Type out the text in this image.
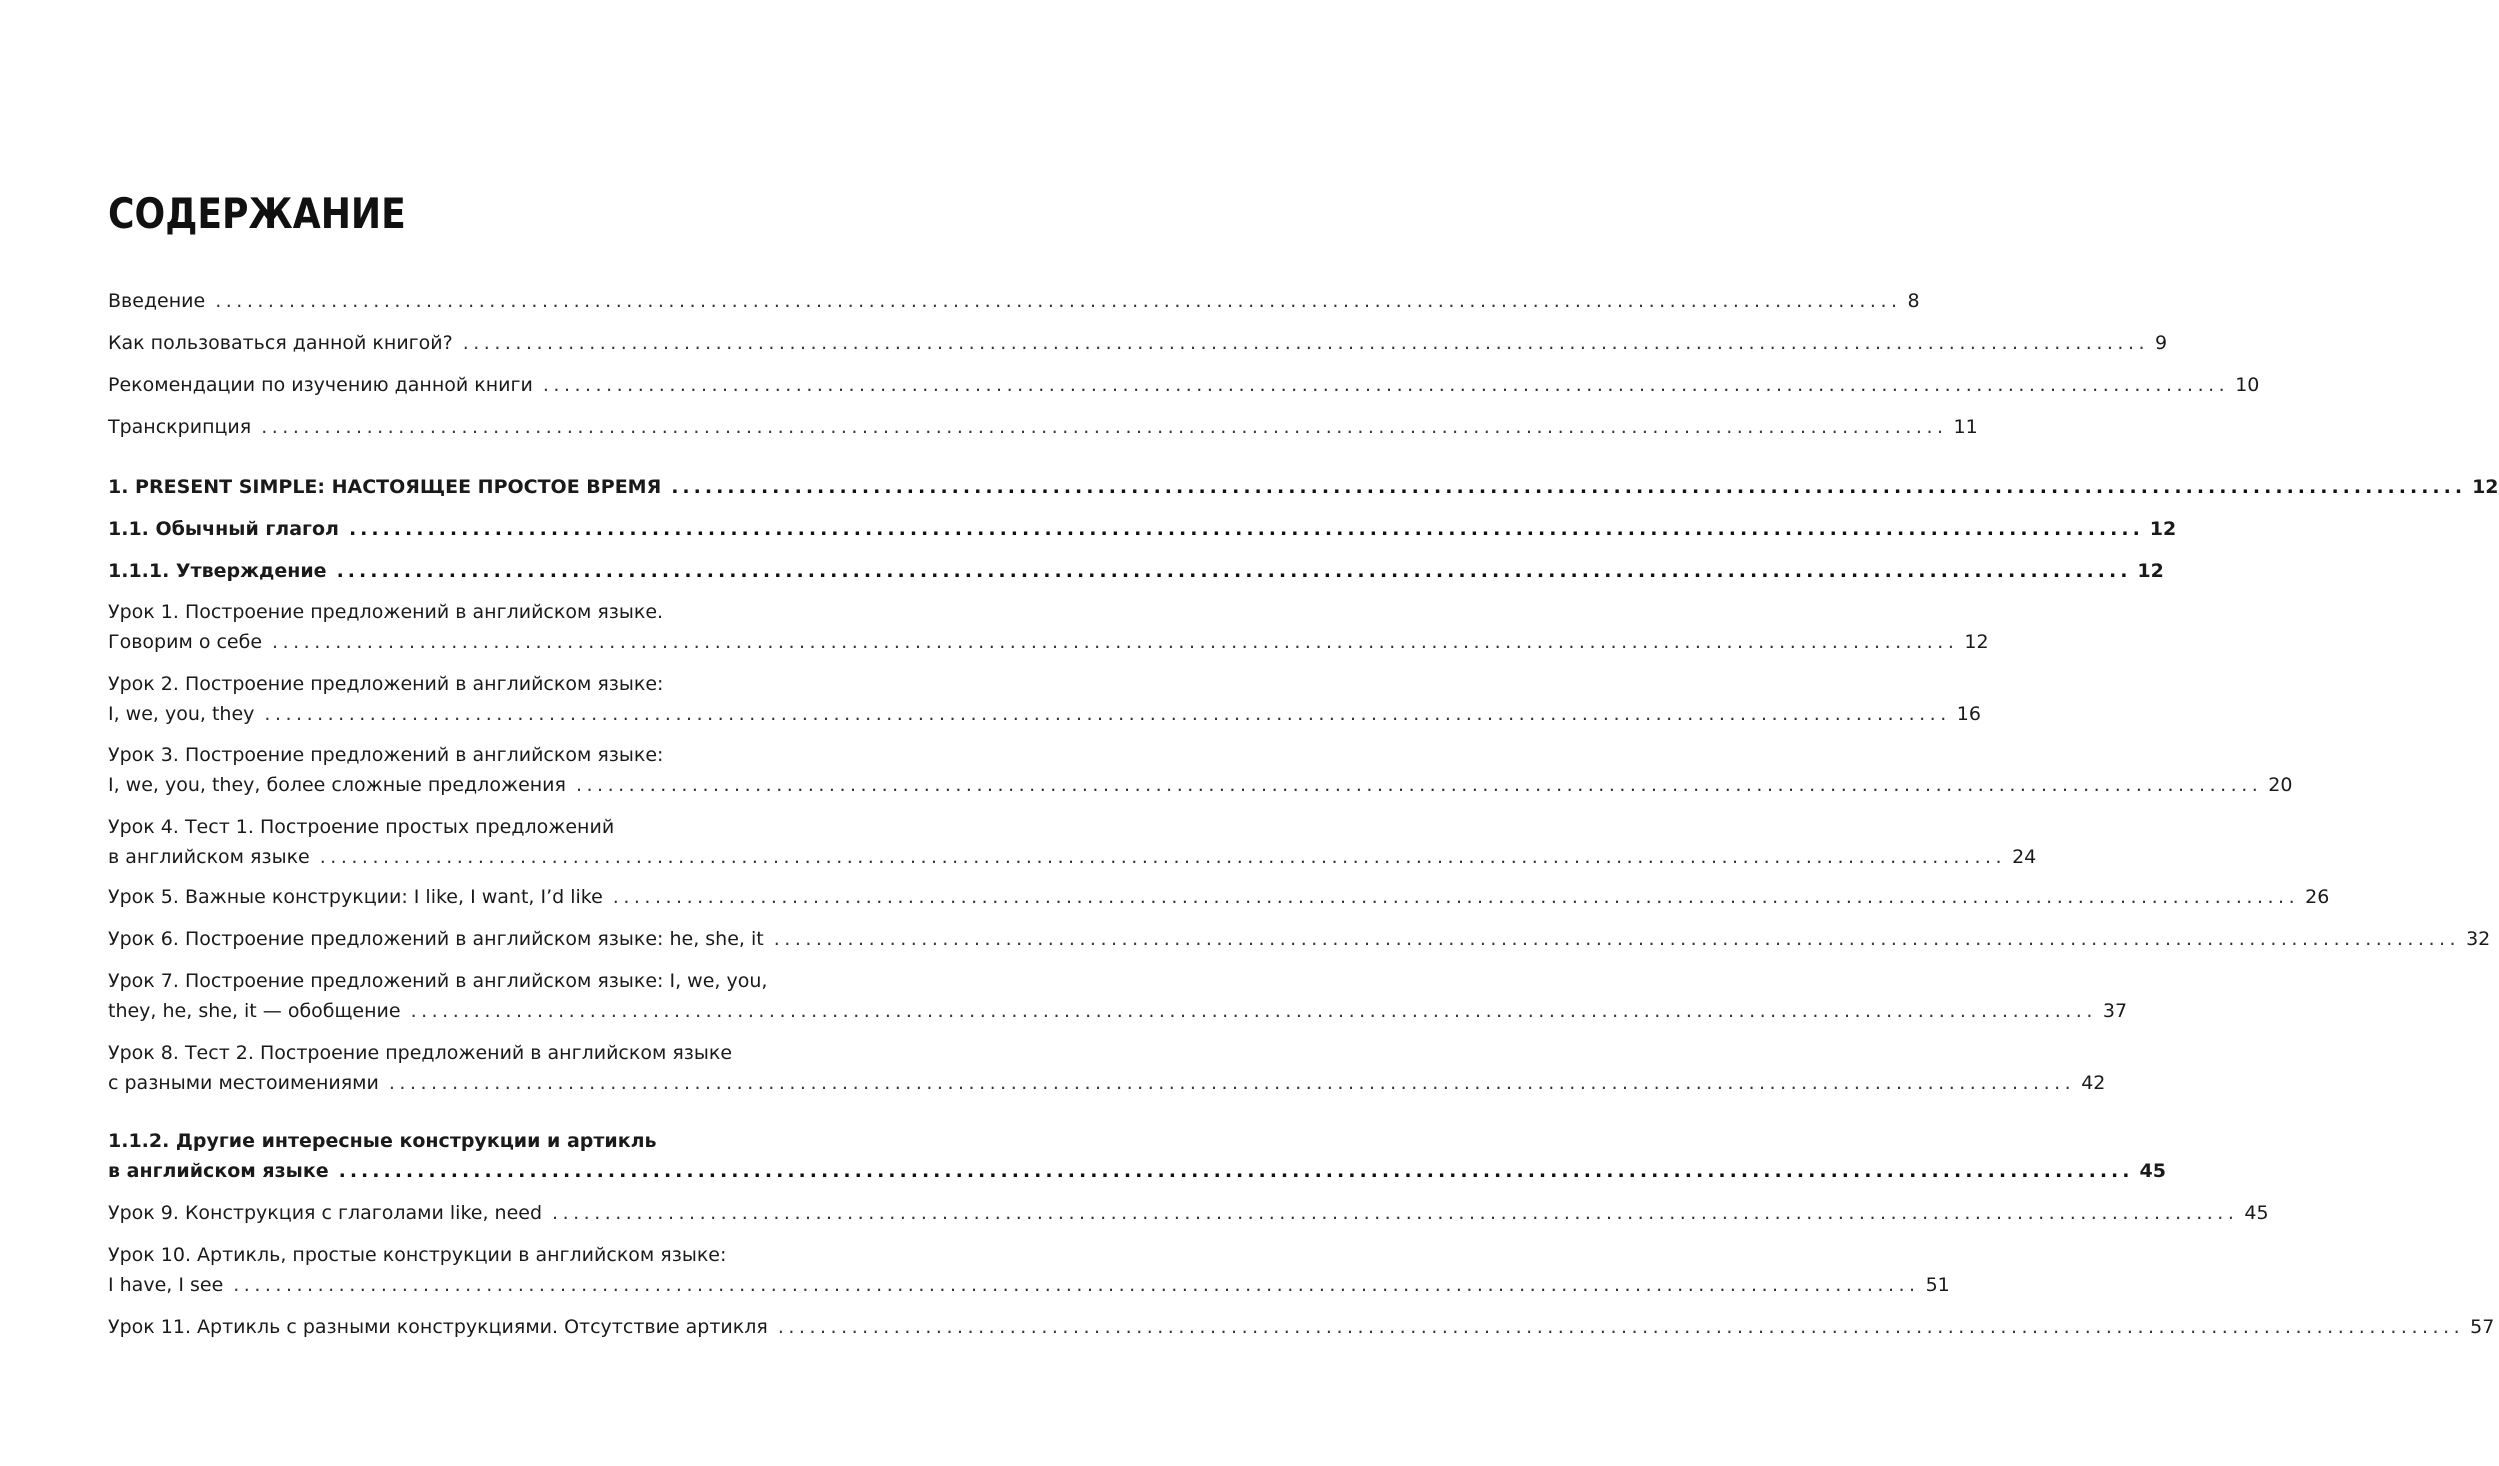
СОДЕРЖАНИЕ
Введение ................................................................................................................................................................ 8
Как пользоваться данной книгой? ................................................................................................................................................................ 9
Рекомендации по изучению данной книги ................................................................................................................................................................ 10
Транскрипция ................................................................................................................................................................ 11
1. PRESENT SIMPLE: НАСТОЯЩЕЕ ПРОСТОЕ ВРЕМЯ ................................................................................................................................................................ 12
1.1. Обычный глагол ................................................................................................................................................................ 12
1.1.1. Утверждение ................................................................................................................................................................ 12
Урок 1. Построение предложений в английском языке.
Говорим о себе ................................................................................................................................................................ 12
Урок 2. Построение предложений в английском языке:
I, we, you, they ................................................................................................................................................................ 16
Урок 3. Построение предложений в английском языке:
I, we, you, they, более сложные предложения ................................................................................................................................................................ 20
Урок 4. Тест 1. Построение простых предложений
в английском языке ................................................................................................................................................................ 24
Урок 5. Важные конструкции: I like, I want, I’d like ................................................................................................................................................................ 26
Урок 6. Построение предложений в английском языке: he, she, it ................................................................................................................................................................ 32
Урок 7. Построение предложений в английском языке: I, we, you,
they, he, she, it — обобщение ................................................................................................................................................................ 37
Урок 8. Тест 2. Построение предложений в английском языке
с разными местоимениями ................................................................................................................................................................ 42
1.1.2. Другие интересные конструкции и артикль
в английском языке ................................................................................................................................................................ 45
Урок 9. Конструкция с глаголами like, need ................................................................................................................................................................ 45
Урок 10. Артикль, простые конструкции в английском языке:
I have, I see ................................................................................................................................................................ 51
Урок 11. Артикль с разными конструкциями. Отсутствие артикля ................................................................................................................................................................ 57
